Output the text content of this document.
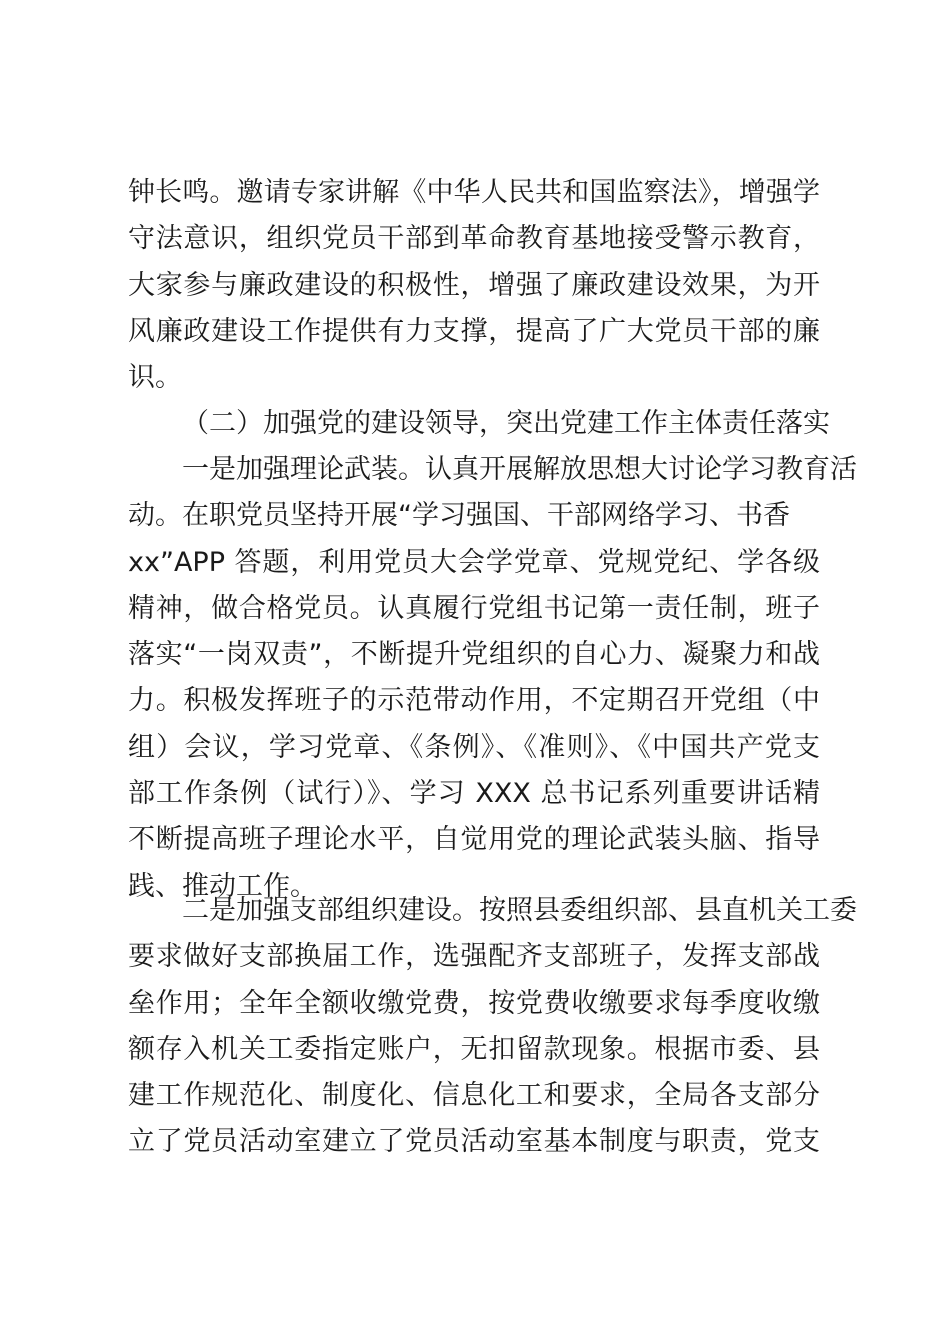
钟长鸣。邀请专家讲解《中华人民共和国监察法》，增强学
守法意识，组织党员干部到革命教育基地接受警示教育，
大家参与廉政建设的积极性，增强了廉政建设效果，为开
风廉政建设工作提供有力支撑，提高了广大党员干部的廉
识。
（二）加强党的建设领导，突出党建工作主体责任落实
一是加强理论武装。认真开展解放思想大讨论学习教育活
动。在职党员坚持开展“学习强国、干部网络学习、书香
xx”APP 答题，利用党员大会学党章、党规党纪、学各级
精神，做合格党员。认真履行党组书记第一责任制，班子
落实“一岗双责”，不断提升党组织的自心力、凝聚力和战
力。积极发挥班子的示范带动作用，不定期召开党组（中
组）会议，学习党章、《条例》、《准则》、《中国共产党支
部工作条例（试行）》、学习 XXX 总书记系列重要讲话精
不断提高班子理论水平，自觉用党的理论武装头脑、指导
践、推动工作。
二是加强支部组织建设。按照县委组织部、县直机关工委
要求做好支部换届工作，选强配齐支部班子，发挥支部战
垒作用；全年全额收缴党费，按党费收缴要求每季度收缴
额存入机关工委指定账户，无扣留款现象。根据市委、县
建工作规范化、制度化、信息化工和要求，全局各支部分
立了党员活动室建立了党员活动室基本制度与职责，党支
